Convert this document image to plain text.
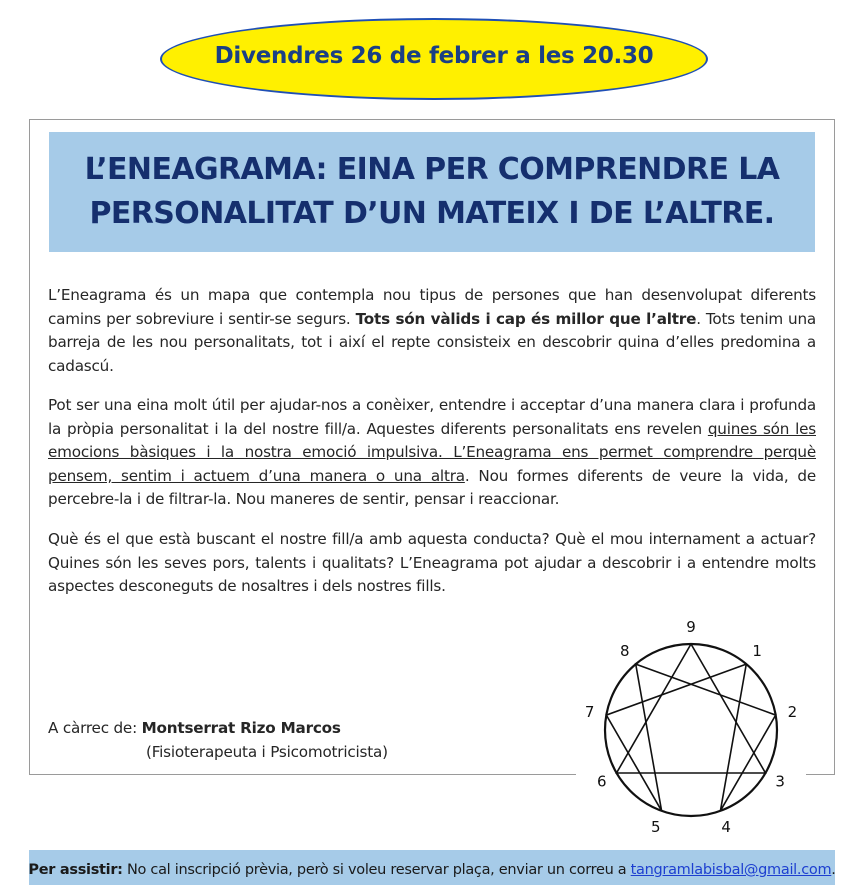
Divendres 26 de febrer a les 20.30
L’ENEAGRAMA: EINA PER COMPRENDRE LA
PERSONALITAT D’UN MATEIX I DE L’ALTRE.
L’Eneagrama és un mapa que contempla nou tipus de persones que han desenvolupat diferents camins per sobreviure i sentir-se segurs. Tots són vàlids i cap és millor que l’altre. Tots tenim una barreja de les nou personalitats, tot i així el repte consisteix en descobrir quina d’elles predomina a cadascú.
Pot ser una eina molt útil per ajudar-nos a conèixer, entendre i acceptar d’una manera clara i profunda la pròpia personalitat i la del nostre fill/a. Aquestes diferents personalitats ens revelen quines són les emocions bàsiques i la nostra emoció impulsiva. L’Eneagrama ens permet comprendre perquè pensem, sentim i actuem d’una manera o una altra. Nou formes diferents de veure la vida, de percebre-la i de filtrar-la. Nou maneres de sentir, pensar i reaccionar.
Què és el que està buscant el nostre fill/a amb aquesta conducta? Què el mou internament a actuar? Quines són les seves pors, talents i qualitats? L’Eneagrama pot ajudar a descobrir i a entendre molts aspectes desconeguts de nosaltres i dels nostres fills.
A càrrec de: Montserrat Rizo Marcos
(Fisioterapeuta i Psicomotricista)
1
2
3
4
5
6
7
8
9
Per assistir: No cal inscripció prèvia, però si voleu reservar plaça, enviar un correu a tangramlabisbal@gmail.com.
